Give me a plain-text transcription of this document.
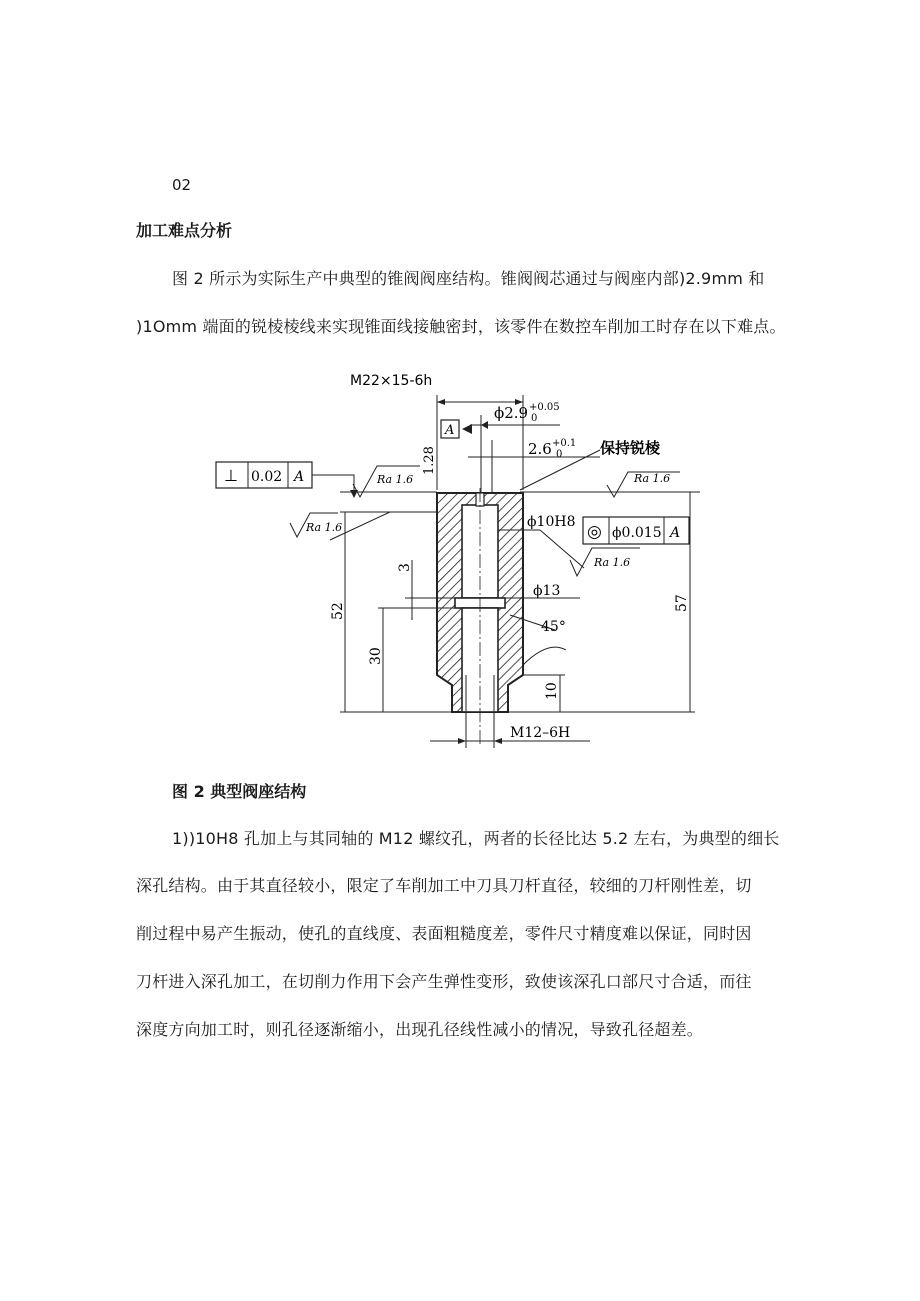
02
加工难点分析
图 2 所示为实际生产中典型的锥阀阀座结构。锥阀阀芯通过与阀座内部)2.9mm 和
)1Omm 端面的锐棱棱线来实现锥面线接触密封，该零件在数控车削加工时存在以下难点。
M22×15-6h
A
ϕ2.9 +0.05
0
2.6 +0.1
0	保持锐棱
⊥ 0.02 A	Ra 1.6
Ra 1.6
1.28
Ra 1.6
ϕ10H8 ◎ ϕ0.015 A
Ra 1.6
ϕ13
45°
52
30
3
57
10
M12–6H
图 2 典型阀座结构
1))10H8 孔加上与其同轴的 M12 螺纹孔，两者的长径比达 5.2 左右，为典型的细长
深孔结构。由于其直径较小，限定了车削加工中刀具刀杆直径，较细的刀杆刚性差，切
削过程中易产生振动，使孔的直线度、表面粗糙度差，零件尺寸精度难以保证，同时因
刀杆进入深孔加工，在切削力作用下会产生弹性变形，致使该深孔口部尺寸合适，而往
深度方向加工时，则孔径逐渐缩小，出现孔径线性减小的情况，导致孔径超差。
